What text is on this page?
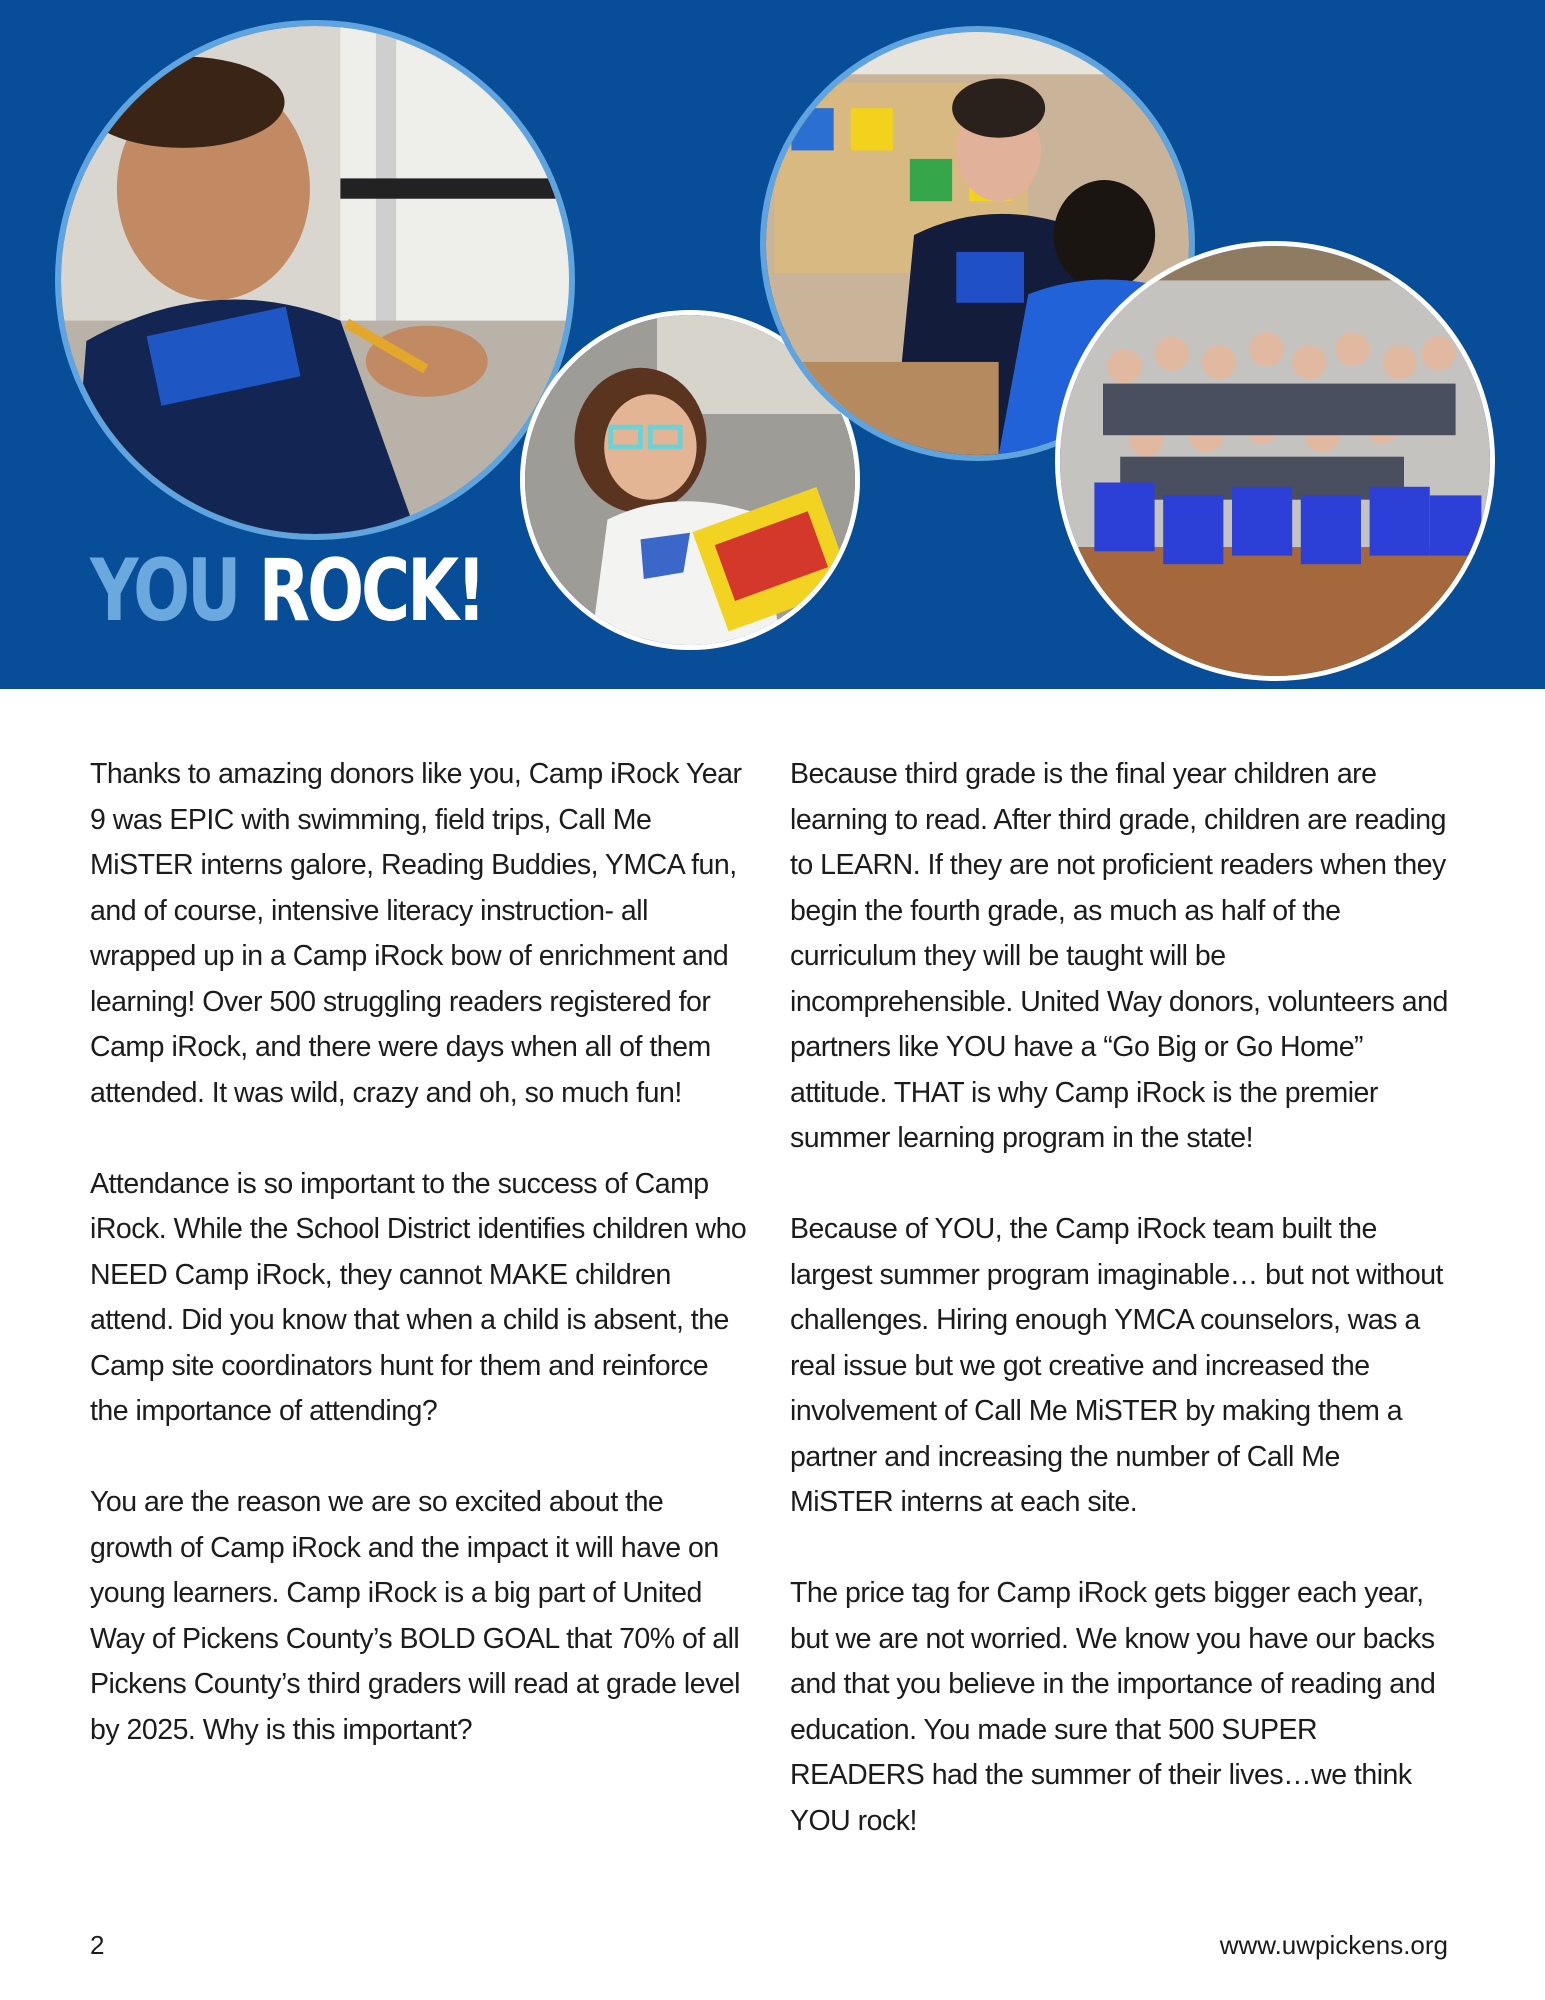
YOU ROCK!

Thanks to amazing donors like you, Camp iRock Year 9 was EPIC with swimming, field trips, Call Me MiSTER interns galore, Reading Buddies, YMCA fun, and of course, intensive literacy instruction- all wrapped up in a Camp iRock bow of enrichment and learning! Over 500 struggling readers registered for Camp iRock, and there were days when all of them attended. It was wild, crazy and oh, so much fun!

Attendance is so important to the success of Camp iRock. While the School District identifies children who NEED Camp iRock, they cannot MAKE children attend. Did you know that when a child is absent, the Camp site coordinators hunt for them and reinforce the importance of attending?

You are the reason we are so excited about the growth of Camp iRock and the impact it will have on young learners. Camp iRock is a big part of United Way of Pickens County’s BOLD GOAL that 70% of all Pickens County’s third graders will read at grade level by 2025. Why is this important?

Because third grade is the final year children are learning to read. After third grade, children are reading to LEARN. If they are not proficient readers when they begin the fourth grade, as much as half of the curriculum they will be taught will be incomprehensible. United Way donors, volunteers and partners like YOU have a “Go Big or Go Home” attitude. THAT is why Camp iRock is the premier summer learning program in the state!

Because of YOU, the Camp iRock team built the largest summer program imaginable… but not without challenges. Hiring enough YMCA counselors, was a real issue but we got creative and increased the involvement of Call Me MiSTER by making them a partner and increasing the number of Call Me MiSTER interns at each site.

The price tag for Camp iRock gets bigger each year, but we are not worried. We know you have our backs and that you believe in the importance of reading and education. You made sure that 500 SUPER READERS had the summer of their lives…we think YOU rock!

2	www.uwpickens.org
